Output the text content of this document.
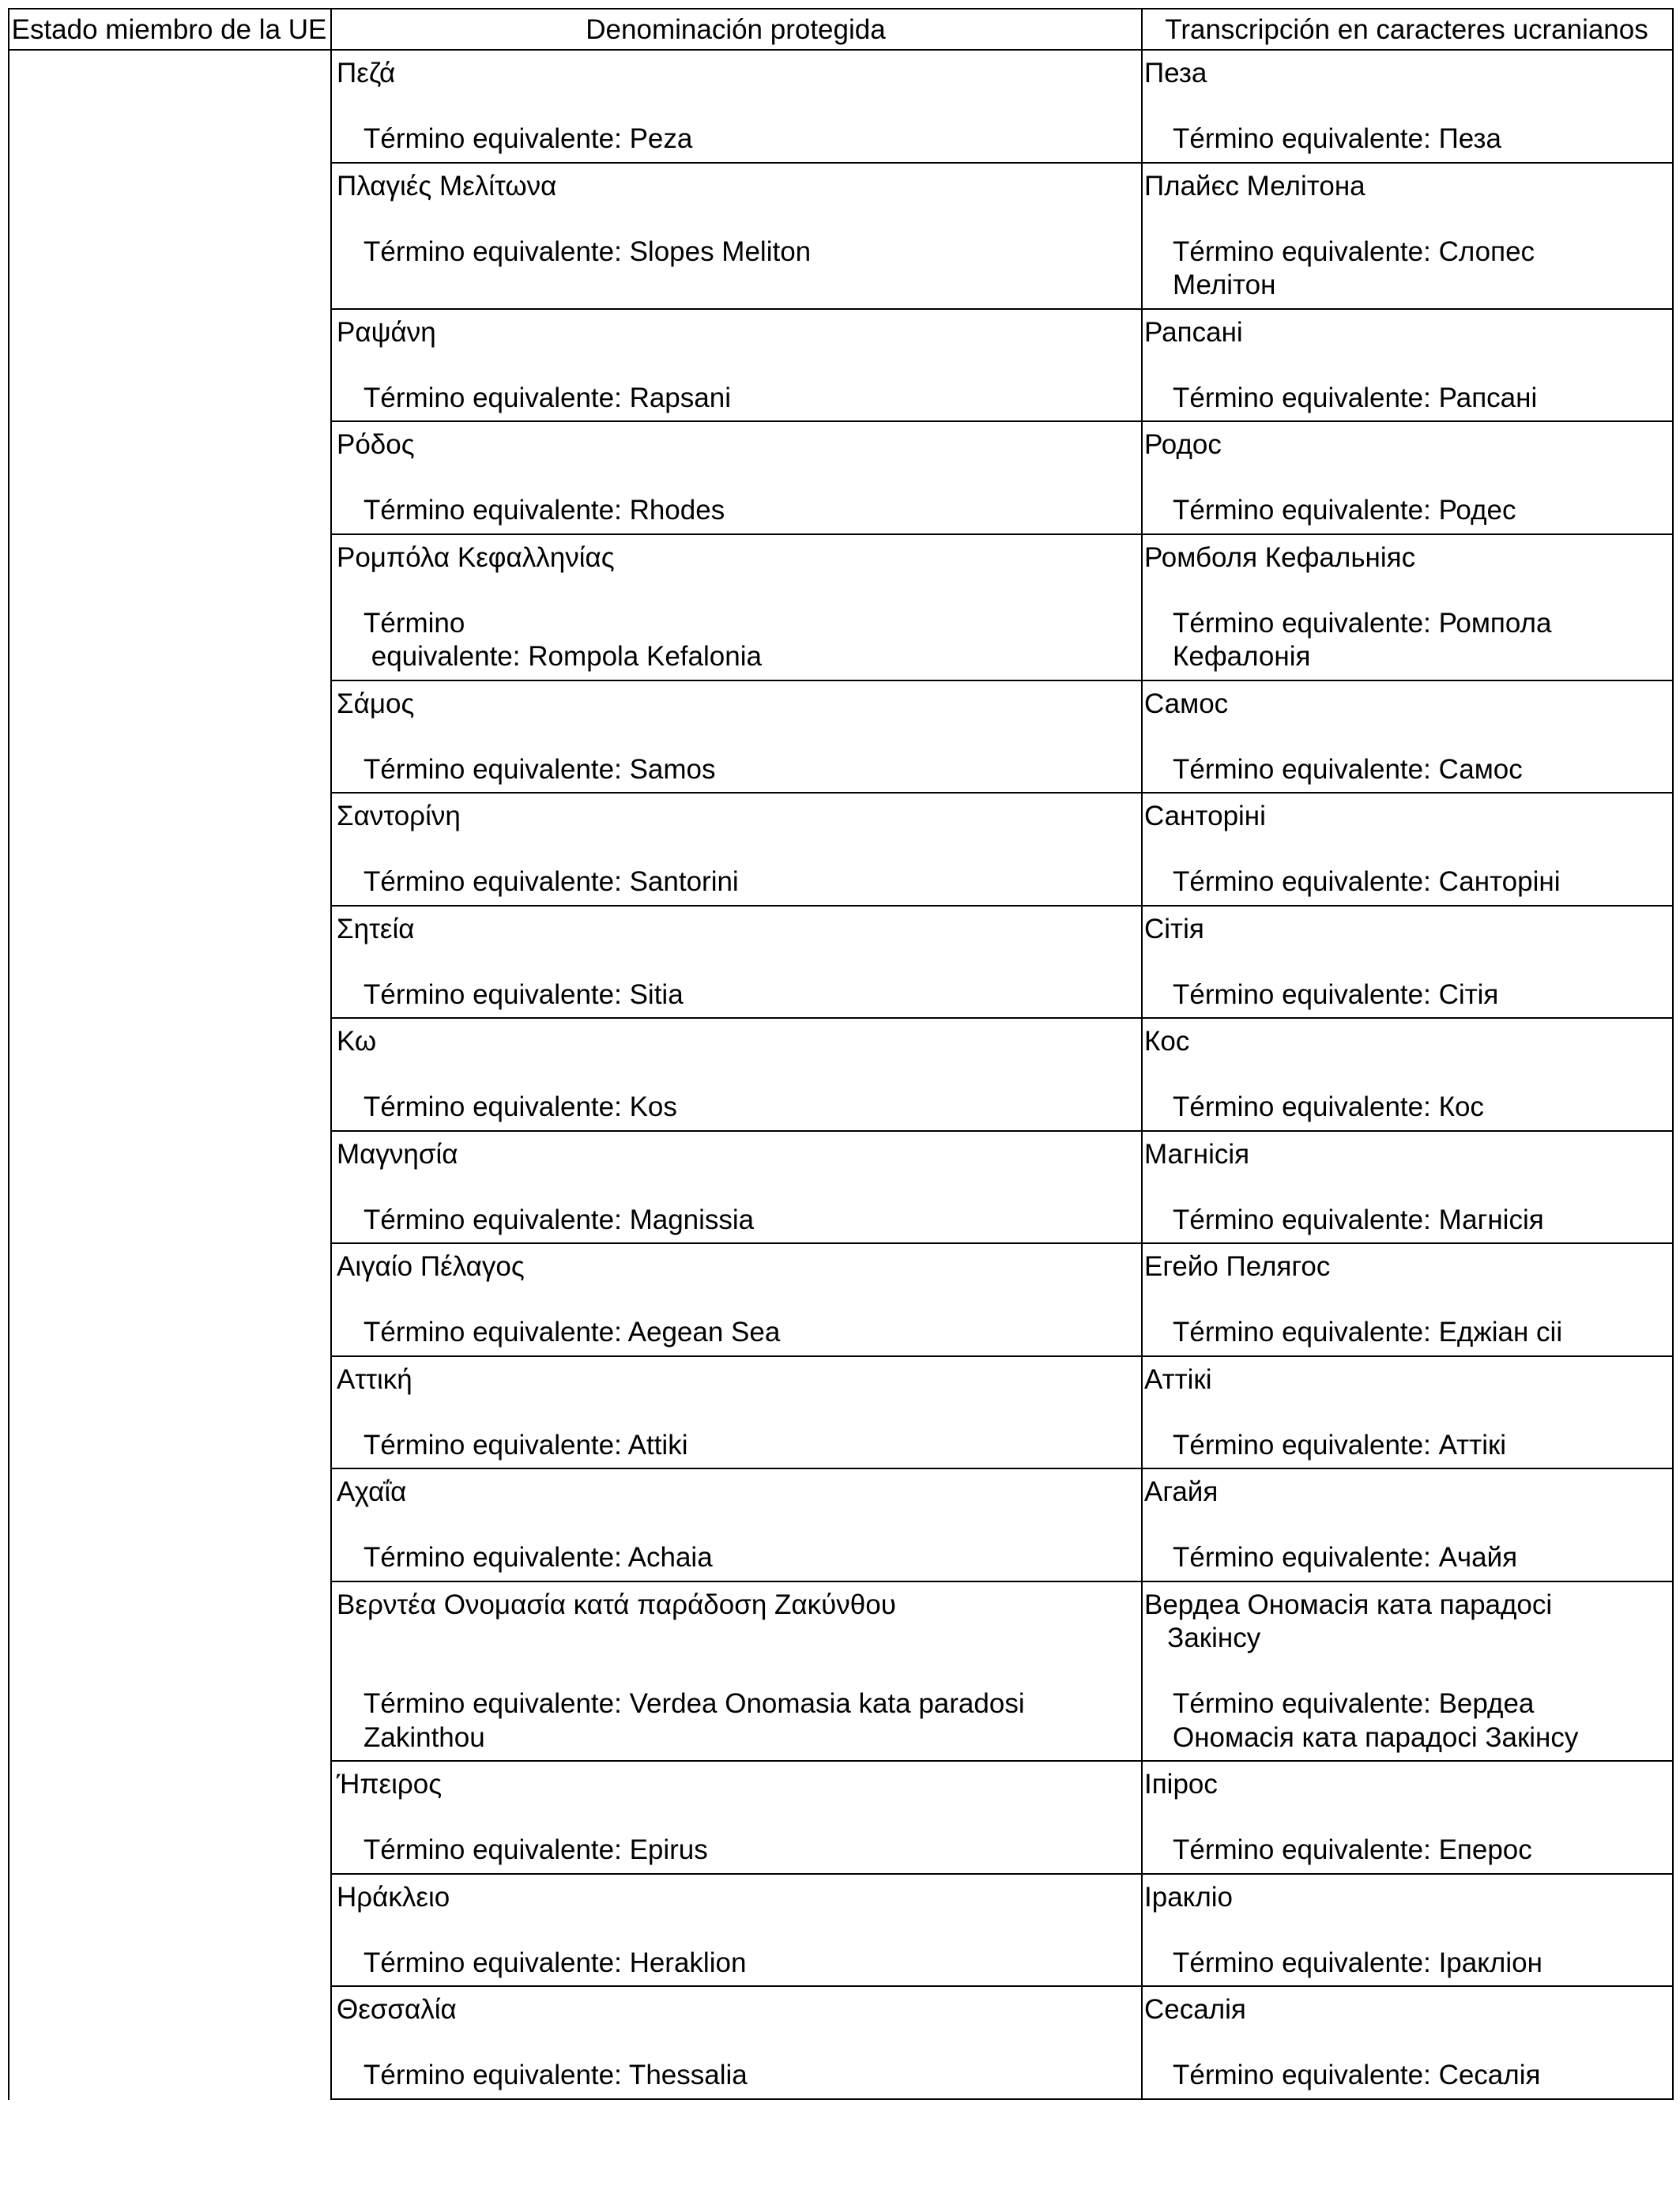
Estado miembro de la UE	Denominación protegida	Transcripción en caracteres ucranianos
Πεζά
Término equivalente: Peza
Пеза
Término equivalente: Пеза
Πλαγιές Μελίτωνα
Término equivalente: Slopes Meliton
Плайєс Мелітона
Término equivalente: Слопес
Мелітон
Ραψάνη
Término equivalente: Rapsani
Рапсані
Término equivalente: Рапсані
Ρόδος
Término equivalente: Rhodes
Родос
Término equivalente: Родес
Ρομπόλα Κεφαλληνίας
Término
equivalente: Rompola Kefalonia
Ромболя Кефальнiяс
Término equivalente: Ромпола
Кефалонія
Σάμος
Término equivalente: Samos
Самос
Término equivalente: Самос
Σαντορίνη
Término equivalente: Santorini
Санторіні
Término equivalente: Санторіні
Σητεία
Término equivalente: Sitia
Сітія
Término equivalente: Сітія
Κω
Término equivalente: Kos
Кос
Término equivalente: Кос
Μαγνησία
Término equivalente: Magnissia
Магнісія
Término equivalente: Магнісія
Αιγαίο Πέλαγος
Término equivalente: Aegean Sea
Егейо Пелягос
Término equivalente: Еджіан сіі
Αττική
Término equivalente: Attiki
Аттікі
Término equivalente: Аттікі
Αχαΐα
Término equivalente: Achaia
Агайя
Término equivalente: Ачайя
Βερντέα Ονομασία κατά παράδοση Ζακύνθου
Término equivalente: Verdea Onomasia kata paradosi
Zakinthou
Вердеа Ономасія ката парадосі
Закінсу
Término equivalente: Вердеа
Ономасія ката парадосі Закінсу
Ήπειρος
Término equivalente: Epirus
Іпірос
Término equivalente: Еперос
Ηράκλειο
Término equivalente: Heraklion
Іракліо
Término equivalente: Іракліон
Θεσσαλία
Término equivalente: Thessalia
Сесалiя
Término equivalente: Сесалiя
